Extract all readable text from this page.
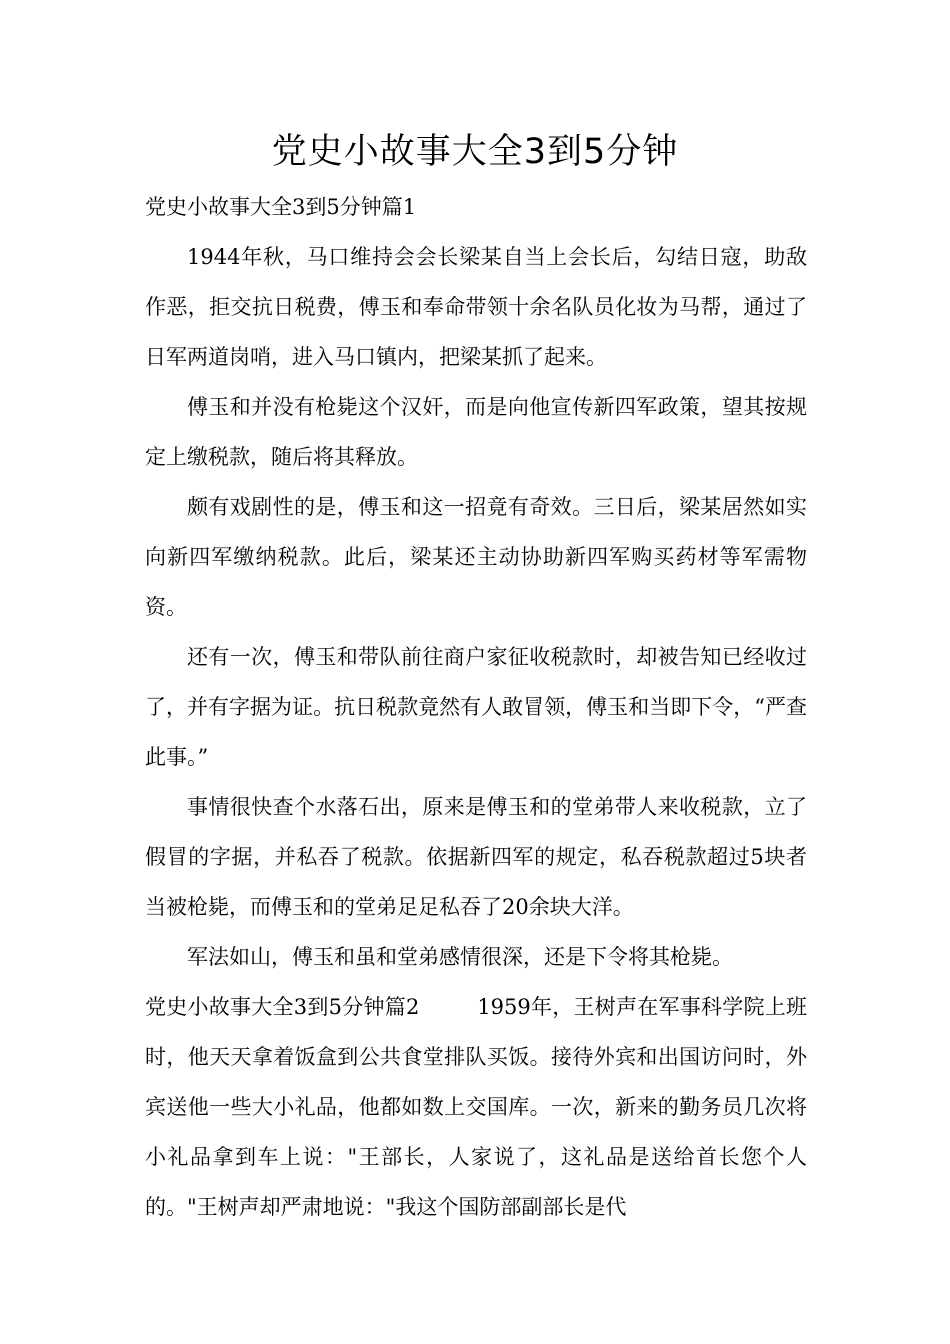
党史小故事大全3到5分钟

党史小故事大全3到5分钟篇1

1944年秋，马口维持会会长梁某自当上会长后，勾结日寇，助敌作恶，拒交抗日税费，傅玉和奉命带领十余名队员化妆为马帮，通过了日军两道岗哨，进入马口镇内，把梁某抓了起来。

傅玉和并没有枪毙这个汉奸，而是向他宣传新四军政策，望其按规定上缴税款，随后将其释放。

颇有戏剧性的是，傅玉和这一招竟有奇效。三日后，梁某居然如实向新四军缴纳税款。此后，梁某还主动协助新四军购买药材等军需物资。

还有一次，傅玉和带队前往商户家征收税款时，却被告知已经收过了，并有字据为证。抗日税款竟然有人敢冒领，傅玉和当即下令，“严查此事。”

事情很快查个水落石出，原来是傅玉和的堂弟带人来收税款，立了假冒的字据，并私吞了税款。依据新四军的规定，私吞税款超过5块者当被枪毙，而傅玉和的堂弟足足私吞了20余块大洋。

军法如山，傅玉和虽和堂弟感情很深，还是下令将其枪毙。

党史小故事大全3到5分钟篇2	1959年，王树声在军事科学院上班时，他天天拿着饭盒到公共食堂排队买饭。接待外宾和出国访问时，外宾送他一些大小礼品，他都如数上交国库。一次，新来的勤务员几次将小礼品拿到车上说："王部长，人家说了，这礼品是送给首长您个人的。"王树声却严肃地说："我这个国防部副部长是代
